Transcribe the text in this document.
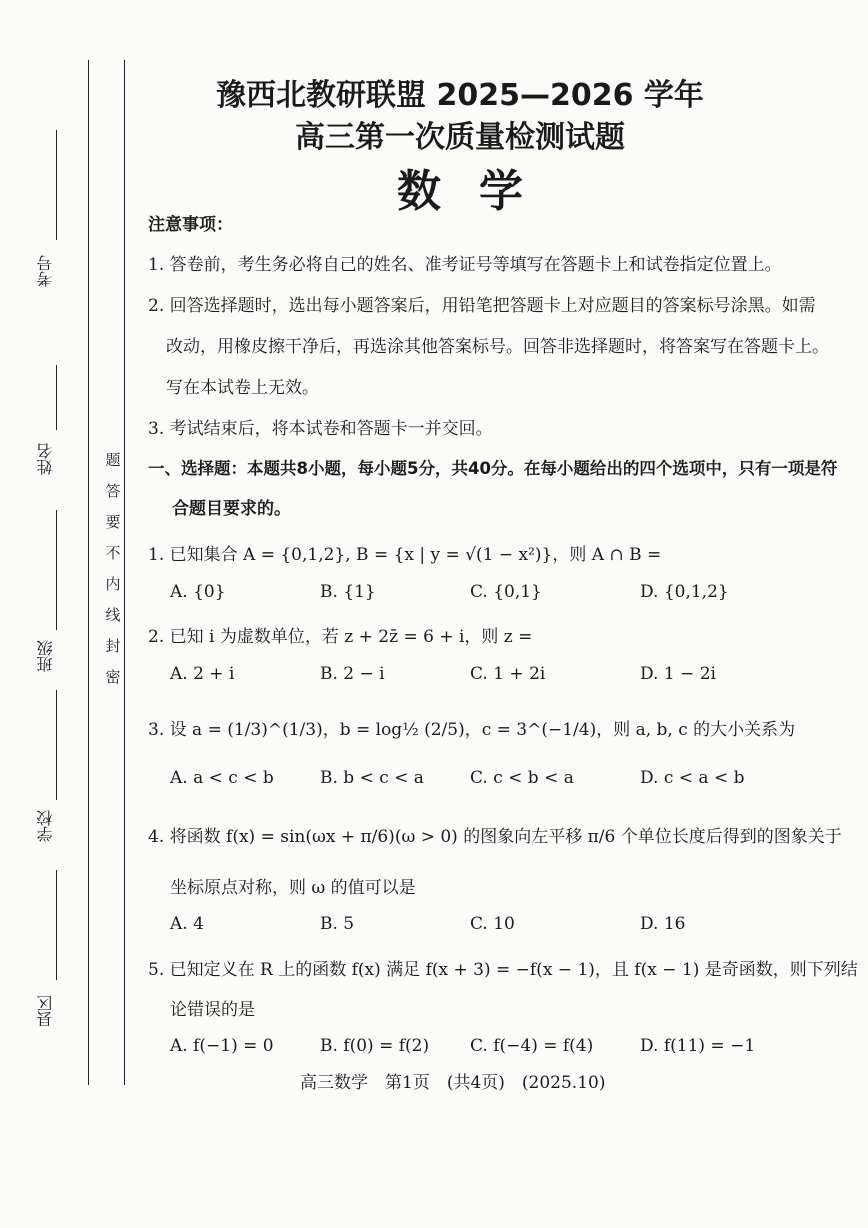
考号
姓名
班级
学校
县区
题
答
要
不
内
线
封
密
豫西北教研联盟 2025—2026 学年
高三第一次质量检测试题
数学
注意事项：
1. 答卷前，考生务必将自己的姓名、准考证号等填写在答题卡上和试卷指定位置上。
2. 回答选择题时，选出每小题答案后，用铅笔把答题卡上对应题目的答案标号涂黑。如需
改动，用橡皮擦干净后，再选涂其他答案标号。回答非选择题时，将答案写在答题卡上。
写在本试卷上无效。
3. 考试结束后，将本试卷和答题卡一并交回。
一、选择题：本题共8小题，每小题5分，共40分。在每小题给出的四个选项中，只有一项是符
合题目要求的。
1. 已知集合 A = {0,1,2}, B = {x | y = √(1 − x²)}，则 A ∩ B =
A. {0}	B. {1}	C. {0,1}	D. {0,1,2}
2. 已知 i 为虚数单位，若 z + 2z̄ = 6 + i，则 z =
A. 2 + i	B. 2 − i	C. 1 + 2i	D. 1 − 2i
3. 设 a = (1/3)^(1/3)，b = log½ (2/5)，c = 3^(−1/4)，则 a, b, c 的大小关系为
A. a < c < b	B. b < c < a	C. c < b < a	D. c < a < b
4. 将函数 f(x) = sin(ωx + π/6)(ω > 0) 的图象向左平移 π/6 个单位长度后得到的图象关于
坐标原点对称，则 ω 的值可以是
A. 4	B. 5	C. 10	D. 16
5. 已知定义在 R 上的函数 f(x) 满足 f(x + 3) = −f(x − 1)，且 f(x − 1) 是奇函数，则下列结
论错误的是
A. f(−1) = 0	B. f(0) = f(2) C. f(−4) = f(4)	D. f(11) = −1
高三数学　第1页　(共4页)　(2025.10)
